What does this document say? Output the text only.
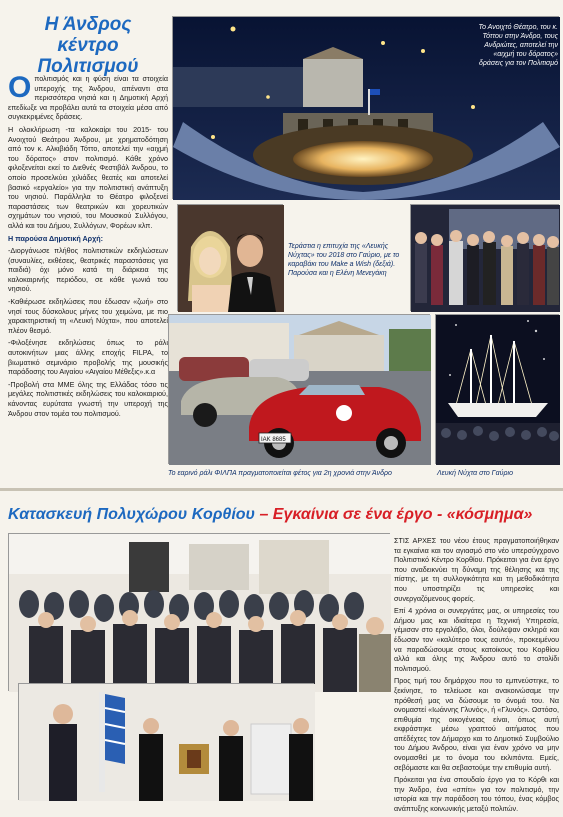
Η Άνδρος
κέντρο Πολιτισμού

Οπολιτισμός και η φύση είναι τα στοιχεία υπεροχής της Άνδρου, απέναντι στα περισσότερα νησιά και η Δημοτική Αρχή επεδίωξε να προβάλει αυτά τα στοιχεία μέσα από συγκεκριμένες δράσεις.

Η ολοκλήρωση -τα καλοκαίρι του 2015- του Ανοιχτού Θεάτρου Άνδρου, με χρηματοδότηση από τον κ. Αλκιβιάδη Τόττο, αποτελεί την «αιχμή του δόρατος» στον πολιτισμό. Κάθε χρόνο φιλοξενείται εκεί το Διεθνές Φεστιβάλ Άνδρου, το οποίο προσελκύει χιλιάδες θεατές και αποτελεί βασικό «εργαλείο» για την πολιτιστική ανάπτυξη του νησιού. Παράλληλα το Θέατρο φιλοξενεί παραστάσεις των θεατρικών και χορευτικών σχημάτων του νησιού, του Μουσικού Συλλόγου, αλλά και του Δήμου, Συλλόγων, Φορέων κλπ.

Η παρούσα Δημοτική Αρχή:

-Διοργάνωσε πλήθος πολιτιστικών εκδηλώσεων (συναυλίες, εκθέσεις, θεατρικές παραστάσεις για παιδιά) όχι μόνο κατά τη διάρκεια της καλοκαιρινής περιόδου, σε κάθε γωνιά του νησιού.

-Καθιέρωσε εκδηλώσεις που έδωσαν «ζωή» στο νησί τους δύσκολους μήνες του χειμώνα, με πιο χαρακτηριστική τη «Λευκή Νύχτα», που αποτελεί πλέον θεσμό.

-Φιλοξένησε εκδηλώσεις όπως το ράλι αυτοκινήτων μιας άλλης εποχής FILPA, το βιωματικό σεμινάριο προβολής της μουσικής παράδοσης του Αιγαίου «Αιγαίου Μέθεξις».κ.α

-Προβολή στα ΜΜΕ όλης της Ελλάδας τόσο τις μεγάλες πολιτιστικές εκδηλώσεις του καλοκαιριού, κάνοντας ευρύτατα γνωστή την υπεροχή της Άνδρου στον τομέα του πολιτισμού.

Το Ανοιχτό Θέατρο, του κ. Τόττου στην Άνδρο, τους Ανδριώτες, αποτελεί την «αιχμή του δόρατος» δράσεις για τον Πολιτισμό
Τεράστια η επιτυχία της «Λευκής Νύχτας» του 2018 στο Γαύριο, με το καραβάκι του Make a Wish (δεξιά). Παρούσα και η Ελένη Μενεγάκη
ΙΑΚ 8685
Το εαρινό ράλι ΦΙΛΠΑ πραγματοποιείται φέτος για 2η χρονιά στην Άνδρο	Λευκή Νύχτα στο Γαύριο
Κατασκευή Πολυχώρου Κορθίου – Εγκαίνια σε ένα έργο - «κόσμημα»

ΣΤΙΣ ΑΡΧΕΣ του νέου έτους πραγματοποιήθηκαν τα εγκαίνια και τον αγιασμό στο νέο υπερσύγχρονο Πολιτιστικό Κέντρο Κορθίου. Πρόκειται για ένα έργο που αναδεικνύει τη δύναμη της θέλησης και της πίστης, με τη συλλογικότητα και τη μεθοδικότητα που υποστηρίζει τις υπηρεσίες και συνεργαζόμενους φορείς.

Επί 4 χρόνια οι συνεργάτες μας, οι υπηρεσίες του Δήμου μας και ιδιαίτερα η Τεχνική Υπηρεσία, γέμισαν στο εργολάβο, όλοι, δούλεψαν σκληρά και έδωσαν τον «καλύτερο τους εαυτό», προκειμένου να παραδώσουμε στους κατοίκους του Κορθίου αλλά και όλης της Άνδρου αυτό το στολίδι πολιτισμού.

Προς τιμή του δημάρχου που το εμπνεύστηκε, το ξεκίνησε, το τελείωσε και ανακοινώσαμε την πρόθεσή μας να δώσουμε το όνομά του. Να ονομαστεί «Ιωάννης Γλυνός», ή «Γλυνός». Ωστόσο, επιθυμία της οικογένειας είναι, όπως αυτή εκφράστηκε μέσω γραπτού αιτήματος που απέδέχτες τον Δήμαρχο και το Δημοτικό Συμβούλιο του Δήμου Άνδρου, είναι για έναν χρόνο να μην ονομασθεί με το όνομα του εκλιπόντα. Εμείς, σεβόμαστε και θα σεβαστούμε την επιθυμία αυτή.

Πρόκειται για ένα σπουδαίο έργο για το Κόρθι και την Άνδρο, ένα «σπίτι» για τον πολιτισμό, την ιστορία και την παράδοση του τόπου, ένας κόμβος ανάπτυξης κοινωνικής μεταξύ πολιτών.
